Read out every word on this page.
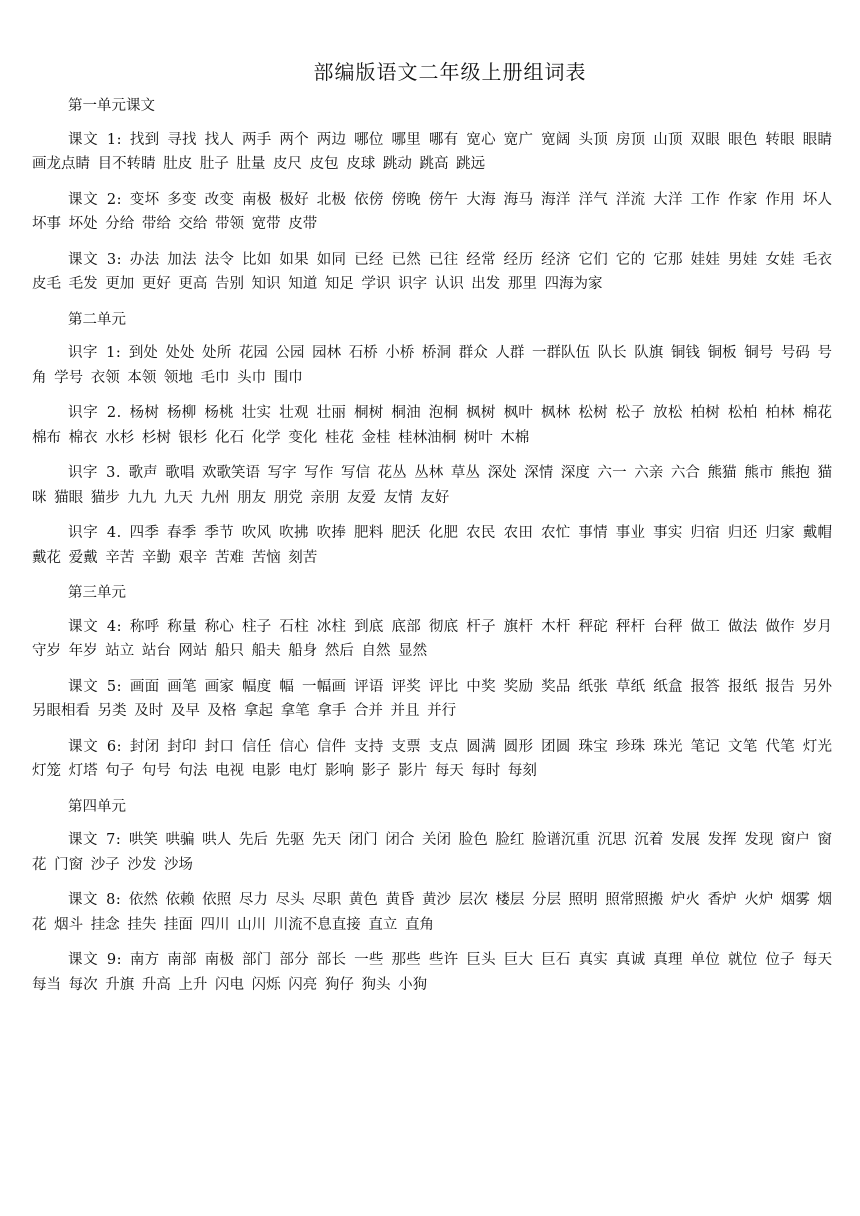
部编版语文二年级上册组词表
第一单元课文

课文 1: 找到 寻找 找人 两手 两个 两边 哪位 哪里 哪有 宽心 宽广 宽阔 头顶 房顶 山顶 双眼 眼色 转眼 眼睛 画龙点睛 目不转睛 肚皮 肚子 肚量 皮尺 皮包 皮球 跳动 跳高 跳远

课文 2: 变坏 多变 改变 南极 极好 北极 依傍 傍晚 傍午 大海 海马 海洋 洋气 洋流 大洋 工作 作家 作用 坏人 坏事 坏处 分给 带给 交给 带领 宽带 皮带

课文 3: 办法 加法 法令 比如 如果 如同 已经 已然 已往 经常 经历 经济 它们 它的 它那 娃娃 男娃 女娃 毛衣 皮毛 毛发 更加 更好 更高 告别 知识 知道 知足 学识 识字 认识 出发 那里 四海为家

第二单元

识字 1: 到处 处处 处所 花园 公园 园林 石桥 小桥 桥洞 群众 人群 一群队伍 队长 队旗 铜钱 铜板 铜号 号码 号角 学号 衣领 本领 领地 毛巾 头巾 围巾

识字 2. 杨树 杨柳 杨桃 壮实 壮观 壮丽 桐树 桐油 泡桐 枫树 枫叶 枫林 松树 松子 放松 柏树 松柏 柏林 棉花 棉布 棉衣 水杉 杉树 银杉 化石 化学 变化 桂花 金桂 桂林油桐 树叶 木棉

识字 3. 歌声 歌唱 欢歌笑语 写字 写作 写信 花丛 丛林 草丛 深处 深情 深度 六一 六亲 六合 熊猫 熊市 熊抱 猫咪 猫眼 猫步 九九 九天 九州 朋友 朋党 亲朋 友爱 友情 友好

识字 4. 四季 春季 季节 吹风 吹拂 吹捧 肥料 肥沃 化肥 农民 农田 农忙 事情 事业 事实 归宿 归还 归家 戴帽 戴花 爱戴 辛苦 辛勤 艰辛 苦难 苦恼 刻苦

第三单元

课文 4: 称呼 称量 称心 柱子 石柱 冰柱 到底 底部 彻底 杆子 旗杆 木杆 秤砣 秤杆 台秤 做工 做法 做作 岁月 守岁 年岁 站立 站台 网站 船只 船夫 船身 然后 自然 显然

课文 5: 画面 画笔 画家 幅度 幅 一幅画 评语 评奖 评比 中奖 奖励 奖品 纸张 草纸 纸盒 报答 报纸 报告 另外 另眼相看 另类 及时 及早 及格 拿起 拿笔 拿手 合并 并且 并行

课文 6: 封闭 封印 封口 信任 信心 信件 支持 支票 支点 圆满 圆形 团圆 珠宝 珍珠 珠光 笔记 文笔 代笔 灯光 灯笼 灯塔 句子 句号 句法 电视 电影 电灯 影响 影子 影片 每天 每时 每刻

第四单元

课文 7: 哄笑 哄骗 哄人 先后 先驱 先天 闭门 闭合 关闭 脸色 脸红 脸谱沉重 沉思 沉着 发展 发挥 发现 窗户 窗花 门窗 沙子 沙发 沙场

课文 8: 依然 依赖 依照 尽力 尽头 尽职 黄色 黄昏 黄沙 层次 楼层 分层 照明 照常照搬 炉火 香炉 火炉 烟雾 烟花 烟斗 挂念 挂失 挂面 四川 山川 川流不息直接 直立 直角

课文 9: 南方 南部 南极 部门 部分 部长 一些 那些 些许 巨头 巨大 巨石 真实 真诚 真理 单位 就位 位子 每天 每当 每次 升旗 升高 上升 闪电 闪烁 闪亮 狗仔 狗头 小狗
